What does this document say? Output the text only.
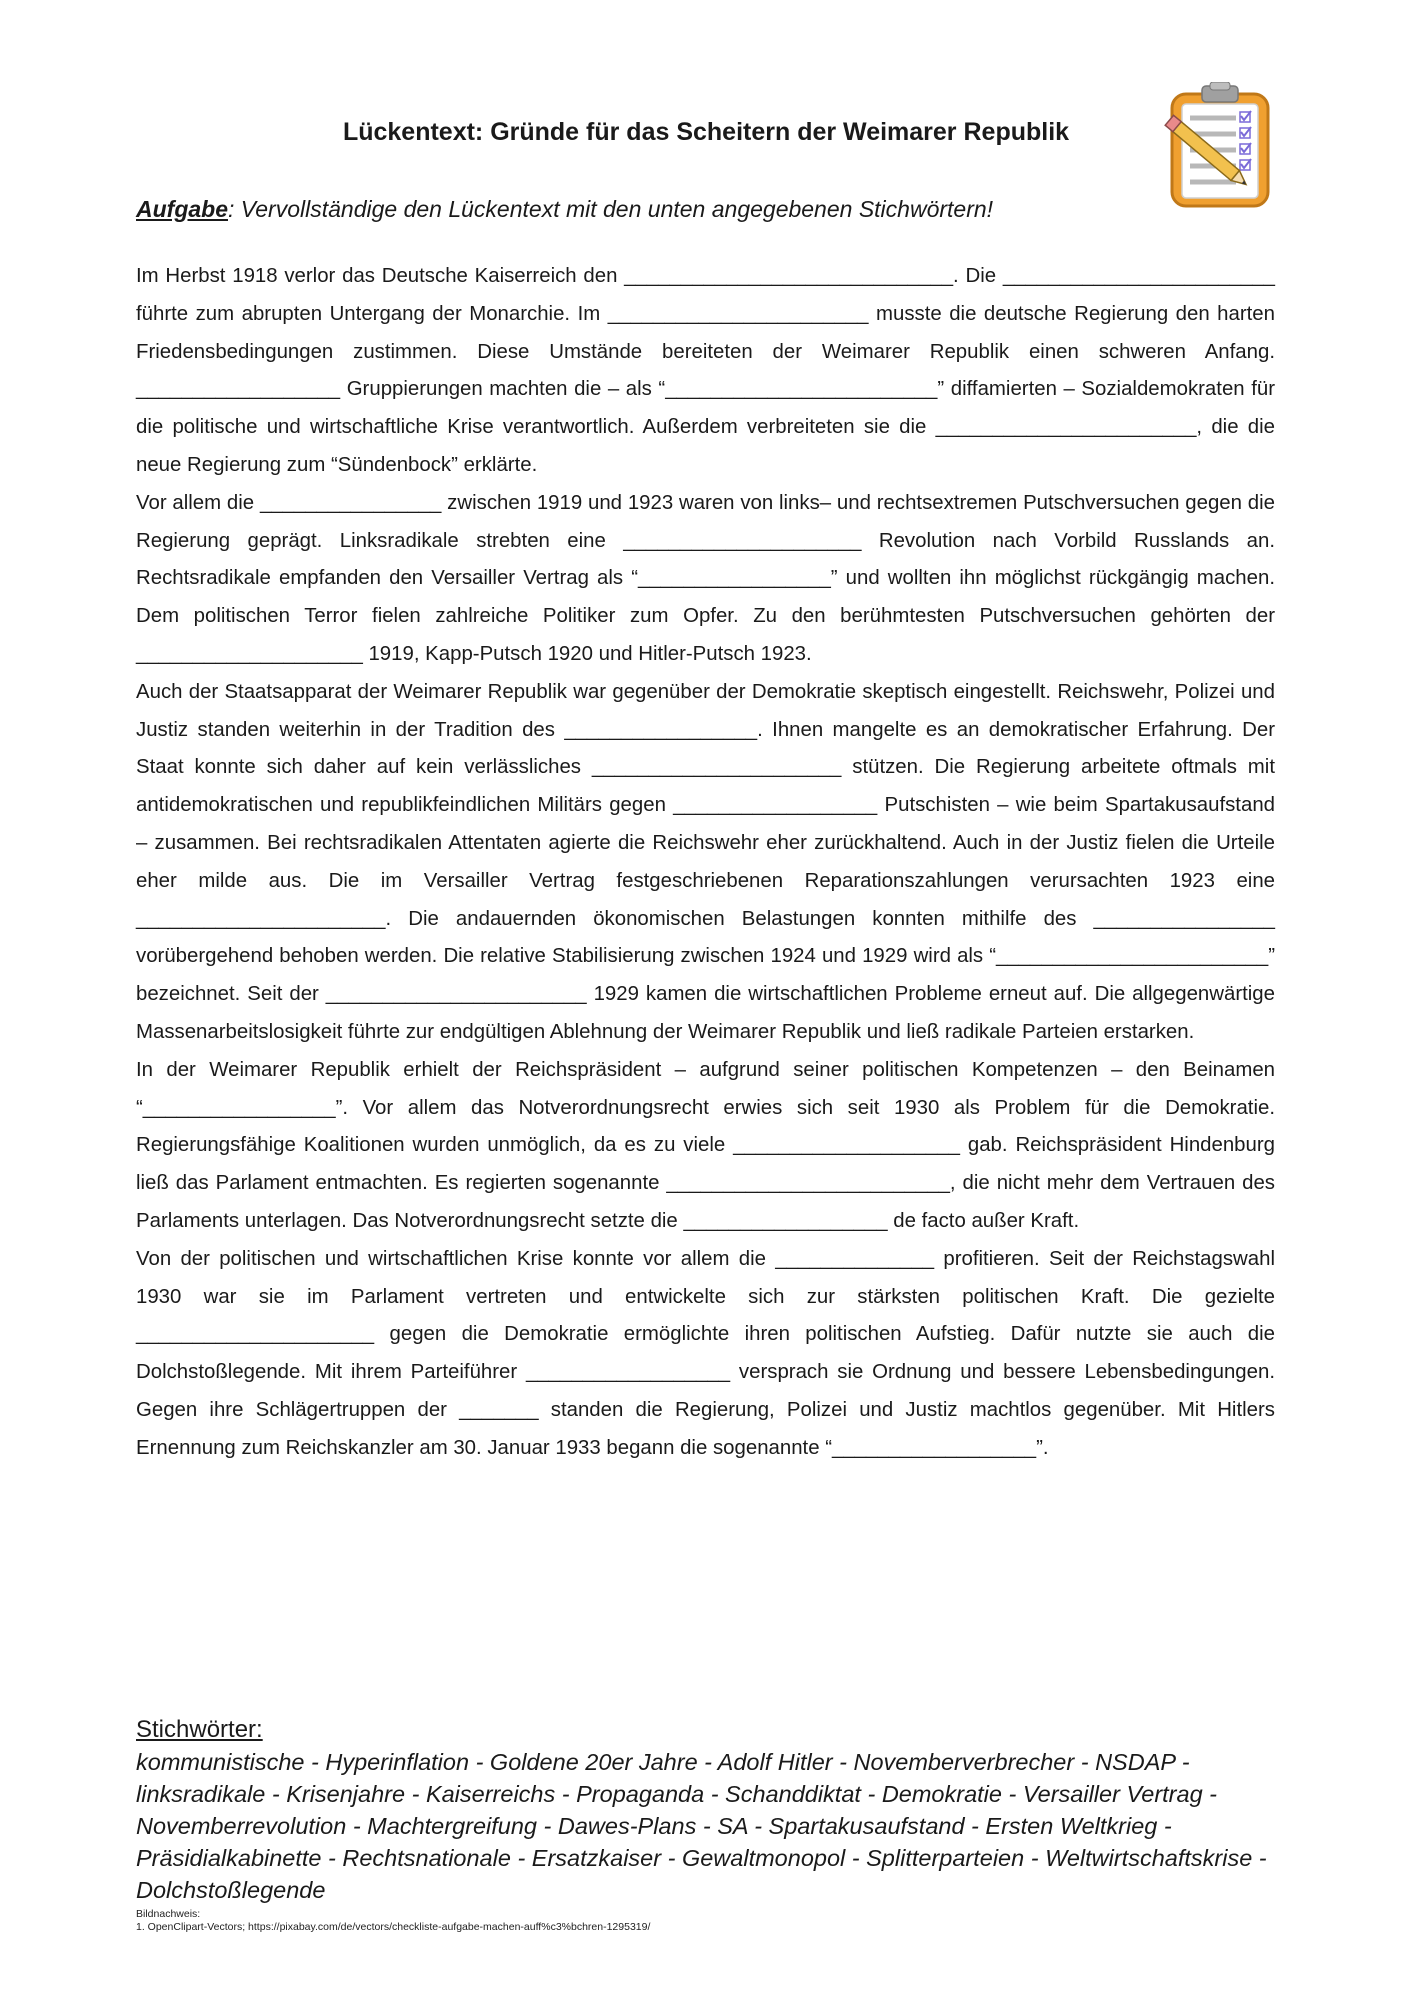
Lückentext: Gründe für das Scheitern der Weimarer Republik
Aufgabe: Vervollständige den Lückentext mit den unten angegebenen Stichwörtern!

Im Herbst 1918 verlor das Deutsche Kaiserreich den _____________________________. Die ________________________ führte zum abrupten Untergang der Monarchie. Im _______________________ musste die deutsche Regierung den harten Friedensbedingungen zustimmen. Diese Umstände bereiteten der Weimarer Republik einen schweren Anfang. __________________ Gruppierungen machten die – als “________________________” diffamierten – Sozialdemokraten für die politische und wirtschaftliche Krise verantwortlich. Außerdem verbreiteten sie die _______________________, die die neue Regierung zum “Sündenbock” erklärte.

Vor allem die ________________ zwischen 1919 und 1923 waren von links– und rechtsextremen Putschversuchen gegen die Regierung geprägt. Linksradikale strebten eine _____________________ Revolution nach Vorbild Russlands an. Rechtsradikale empfanden den Versailler Vertrag als “_________________” und wollten ihn möglichst rückgängig machen. Dem politischen Terror fielen zahlreiche Politiker zum Opfer. Zu den berühmtesten Putschversuchen gehörten der ____________________ 1919, Kapp-Putsch 1920 und Hitler-Putsch 1923.

Auch der Staatsapparat der Weimarer Republik war gegenüber der Demokratie skeptisch eingestellt. Reichswehr, Polizei und Justiz standen weiterhin in der Tradition des _________________. Ihnen mangelte es an demokratischer Erfahrung. Der Staat konnte sich daher auf kein verlässliches ______________________ stützen. Die Regierung arbeitete oftmals mit antidemokratischen und republikfeindlichen Militärs gegen __________________ Putschisten – wie beim Spartakusaufstand – zusammen. Bei rechtsradikalen Attentaten agierte die Reichswehr eher zurückhaltend. Auch in der Justiz fielen die Urteile eher milde aus. Die im Versailler Vertrag festgeschriebenen Reparationszahlungen verursachten 1923 eine ______________________. Die andauernden ökonomischen Belastungen konnten mithilfe des ________________ vorübergehend behoben werden. Die relative Stabilisierung zwischen 1924 und 1929 wird als “________________________” bezeichnet. Seit der _______________________ 1929 kamen die wirtschaftlichen Probleme erneut auf. Die allgegenwärtige Massenarbeitslosigkeit führte zur endgültigen Ablehnung der Weimarer Republik und ließ radikale Parteien erstarken.

In der Weimarer Republik erhielt der Reichspräsident – aufgrund seiner politischen Kompetenzen – den Beinamen “_________________”. Vor allem das Notverordnungsrecht erwies sich seit 1930 als Problem für die Demokratie. Regierungsfähige Koalitionen wurden unmöglich, da es zu viele ____________________ gab. Reichspräsident Hindenburg ließ das Parlament entmachten. Es regierten sogenannte _________________________, die nicht mehr dem Vertrauen des Parlaments unterlagen. Das Notverordnungsrecht setzte die __________________ de facto außer Kraft.

Von der politischen und wirtschaftlichen Krise konnte vor allem die ______________ profitieren. Seit der Reichstagswahl 1930 war sie im Parlament vertreten und entwickelte sich zur stärksten politischen Kraft. Die gezielte _____________________ gegen die Demokratie ermöglichte ihren politischen Aufstieg. Dafür nutzte sie auch die Dolchstoßlegende. Mit ihrem Parteiführer __________________ versprach sie Ordnung und bessere Lebensbedingungen. Gegen ihre Schlägertruppen der _______ standen die Regierung, Polizei und Justiz machtlos gegenüber. Mit Hitlers Ernennung zum Reichskanzler am 30. Januar 1933 begann die sogenannte “__________________”.

Stichwörter:
kommunistische - Hyperinflation - Goldene 20er Jahre - Adolf Hitler - Novemberverbrecher - NSDAP - linksradikale - Krisenjahre - Kaiserreichs - Propaganda - Schanddiktat - Demokratie - Versailler Vertrag - Novemberrevolution - Machtergreifung - Dawes-Plans - SA - Spartakusaufstand - Ersten Weltkrieg - Präsidialkabinette - Rechtsnationale - Ersatzkaiser - Gewaltmonopol - Splitterparteien - Weltwirtschaftskrise - Dolchstoßlegende
Bildnachweis:
1. OpenClipart-Vectors; https://pixabay.com/de/vectors/checkliste-aufgabe-machen-auff%c3%bchren-1295319/
